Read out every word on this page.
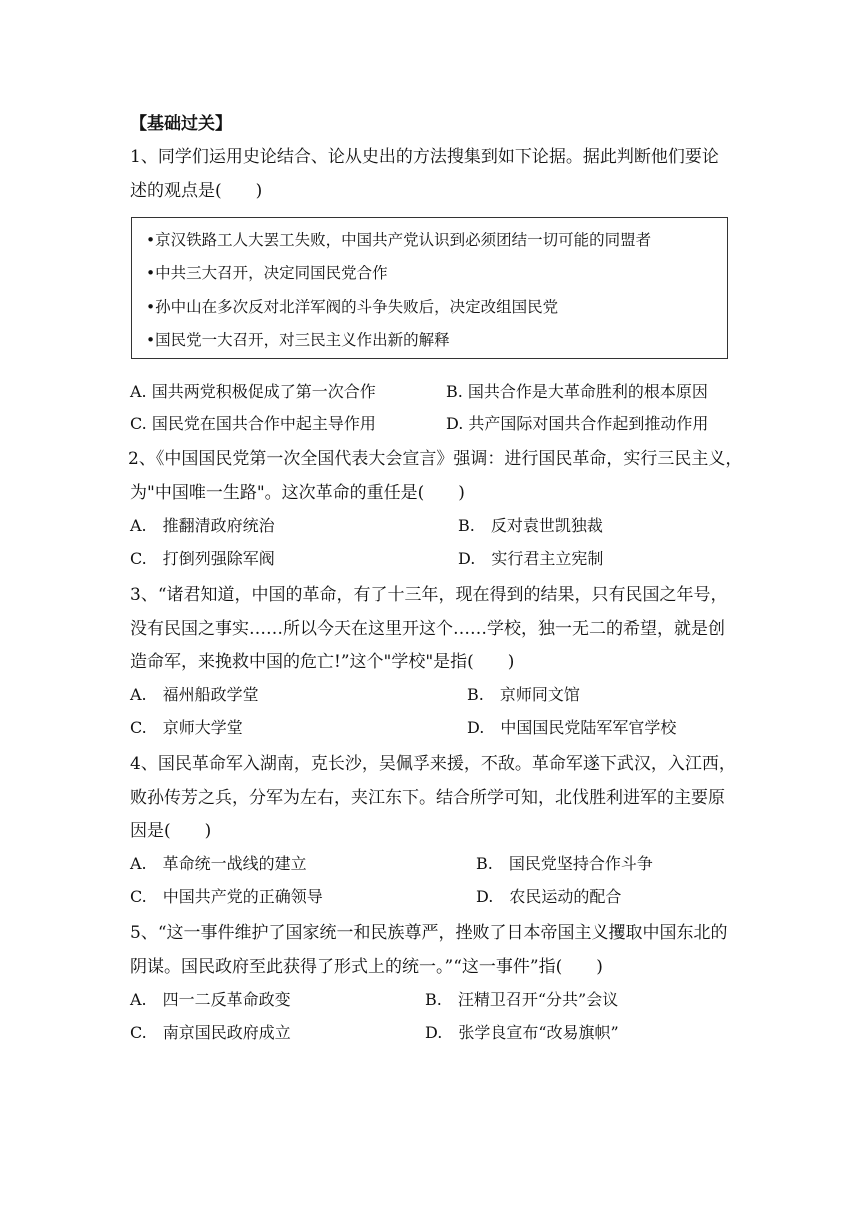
【基础过关】
1、同学们运用史论结合、论从史出的方法搜集到如下论据。据此判断他们要论
述的观点是(　　)
•京汉铁路工人大罢工失败，中国共产党认识到必须团结一切可能的同盟者
•中共三大召开，决定同国民党合作
•孙中山在多次反对北洋军阀的斗争失败后，决定改组国民党
•国民党一大召开，对三民主义作出新的解释
A. 国共两党积极促成了第一次合作	B. 国共合作是大革命胜利的根本原因
C. 国民党在国共合作中起主导作用	D. 共产国际对国共合作起到推动作用
2、《中国国民党第一次全国代表大会宣言》强调：进行国民革命，实行三民主义，
为"中国唯一生路"。这次革命的重任是(　　)
A.　推翻清政府统治	B.　反对袁世凯独裁
C.　打倒列强除军阀	D.　实行君主立宪制
3、“诸君知道，中国的革命，有了十三年，现在得到的结果，只有民国之年号，
没有民国之事实……所以今天在这里开这个……学校，独一无二的希望，就是创
造命军，来挽救中国的危亡!”这个"学校"是指(　　)
A.　福州船政学堂	B.　京师同文馆
C.　京师大学堂	D.　中国国民党陆军军官学校
4、国民革命军入湖南，克长沙，吴佩孚来援，不敌。革命军遂下武汉，入江西，
败孙传芳之兵，分军为左右，夹江东下。结合所学可知，北伐胜利进军的主要原
因是(　　)
A.　革命统一战线的建立	B.　国民党坚持合作斗争
C.　中国共产党的正确领导	D.　农民运动的配合
5、“这一事件维护了国家统一和民族尊严，挫败了日本帝国主义攫取中国东北的
阴谋。国民政府至此获得了形式上的统一。”“这一事件”指(　　)
A.　四一二反革命政变	B.　汪精卫召开“分共”会议
C.　南京国民政府成立	D.　张学良宣布“改易旗帜”
